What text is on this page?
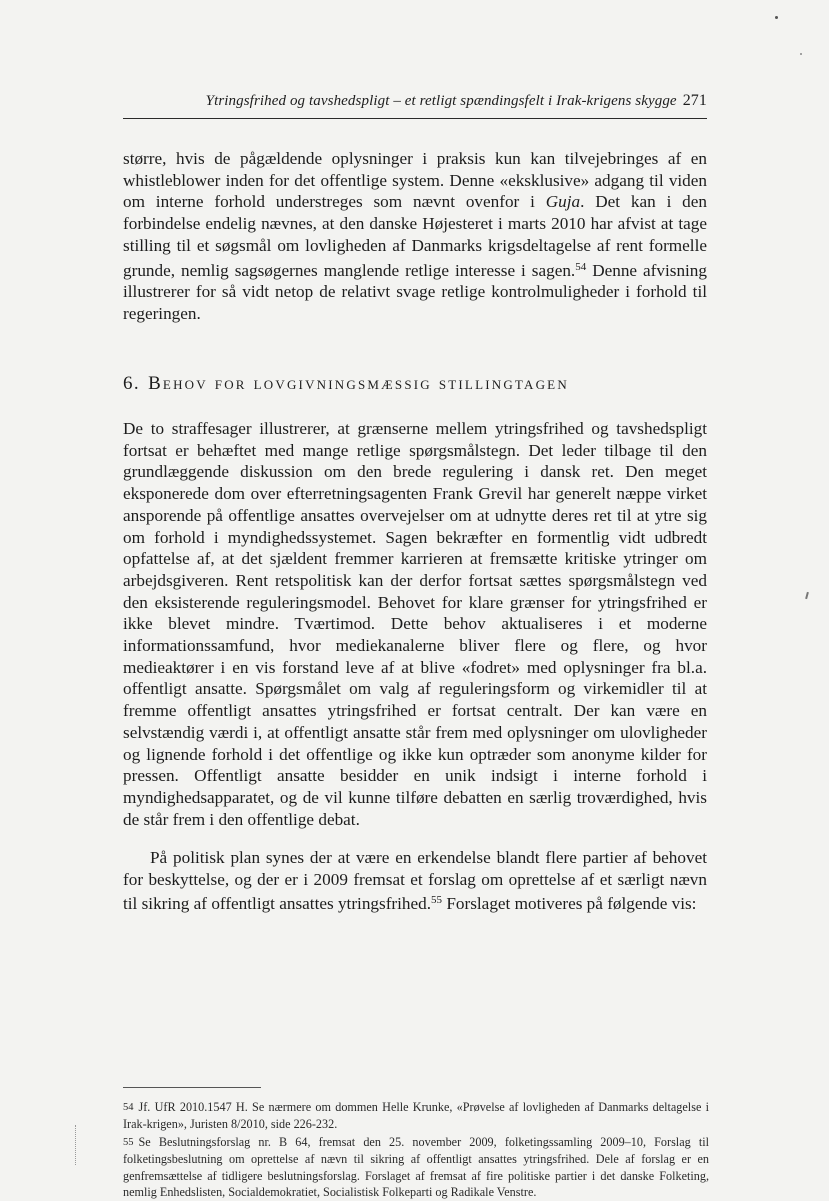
Ytringsfrihed og tavshedspligt – et retligt spændingsfelt i Irak-krigens skygge 271

større, hvis de pågældende oplysninger i praksis kun kan tilvejebringes af en whistleblower inden for det offentlige system. Denne «eksklusive» adgang til viden om interne forhold understreges som nævnt ovenfor i Guja. Det kan i den forbindelse endelig nævnes, at den danske Højesteret i marts 2010 har afvist at tage stilling til et søgsmål om lovligheden af Danmarks krigsdeltagelse af rent formelle grunde, nemlig sagsøgernes manglende retlige interesse i sagen.$^{54}$ Denne afvisning illustrerer for så vidt netop de relativt svage retlige kontrolmuligheder i forhold til regeringen.

6. Behov for lovgivningsmæssig stillingtagen

De to straffesager illustrerer, at grænserne mellem ytringsfrihed og tavshedspligt fortsat er behæftet med mange retlige spørgsmålstegn. Det leder tilbage til den grundlæggende diskussion om den brede regulering i dansk ret. Den meget eksponerede dom over efterretningsagenten Frank Grevil har generelt næppe virket ansporende på offentlige ansattes overvejelser om at udnytte deres ret til at ytre sig om forhold i myndighedssystemet. Sagen bekræfter en formentlig vidt udbredt opfattelse af, at det sjældent fremmer karrieren at fremsætte kritiske ytringer om arbejdsgiveren. Rent retspolitisk kan der derfor fortsat sættes spørgsmålstegn ved den eksisterende reguleringsmodel. Behovet for klare grænser for ytringsfrihed er ikke blevet mindre. Tværtimod. Dette behov aktualiseres i et moderne informationssamfund, hvor mediekanalerne bliver flere og flere, og hvor medieaktører i en vis forstand leve af at blive «fodret» med oplysninger fra bl.a. offentligt ansatte. Spørgsmålet om valg af reguleringsform og virkemidler til at fremme offentligt ansattes ytringsfrihed er fortsat centralt. Der kan være en selvstændig værdi i, at offentligt ansatte står frem med oplysninger om ulovligheder og lignende forhold i det offentlige og ikke kun optræder som anonyme kilder for pressen. Offentligt ansatte besidder en unik indsigt i interne forhold i myndighedsapparatet, og de vil kunne tilføre debatten en særlig troværdighed, hvis de står frem i den offentlige debat.

På politisk plan synes der at være en erkendelse blandt flere partier af behovet for beskyttelse, og der er i 2009 fremsat et forslag om oprettelse af et særligt nævn til sikring af offentligt ansattes ytringsfrihed.$^{55}$ Forslaget motiveres på følgende vis:

54 Jf. UfR 2010.1547 H. Se nærmere om dommen Helle Krunke, «Prøvelse af lovligheden af Danmarks deltagelse i Irak-krigen», Juristen 8/2010, side 226-232.

55 Se Beslutningsforslag nr. B 64, fremsat den 25. november 2009, folketingssamling 2009–10, Forslag til folketingsbeslutning om oprettelse af nævn til sikring af offentligt ansattes ytringsfrihed. Dele af forslag er en genfremsættelse af tidligere beslutningsforslag. Forslaget af fremsat af fire politiske partier i det danske Folketing, nemlig Enhedslisten, Socialdemokratiet, Socialistisk Folkeparti og Radikale Venstre.
